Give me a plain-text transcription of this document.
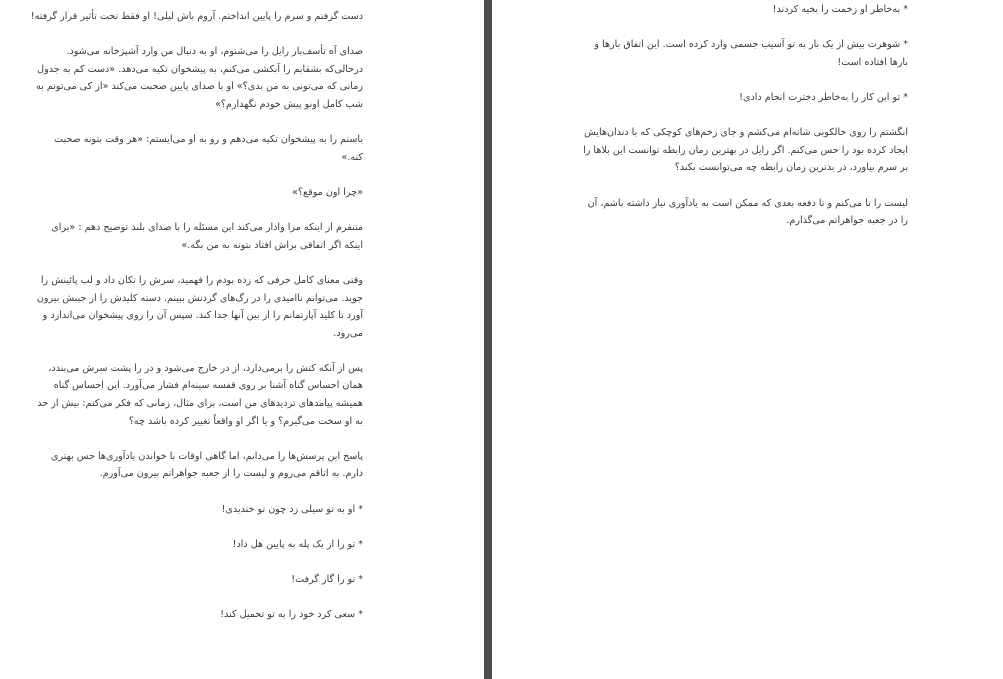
دست گرفتم و سرم را پایین انداختم. آروم باش لیلی! او فقط تحت تأثیر قرار گرفته!

صدای آه تأسف‌بار رایل را می‌شنوم، او به دنبال من وارد آشپزخانه می‌شود.
درحالی‌که بشقابم را آبکشی می‌کنم، به پیشخوان تکیه می‌دهد. «دست کم به جدول
زمانی که می‌تونی به من بدی؟» او با صدای پایین صحبت می‌کند «از کی می‌تونم به
شب کامل اونو پیش خودم نگهدارم؟»

باسنم را به پیشخوان تکیه می‌دهم و رو به او می‌ایستم: «هر وقت بتونه صحبت
کنه.»

«چرا اون موقع؟»

متنفرم از اینکه مرا وادار می‌کند این مسئله را با صدای بلند توضیح دهم : «برای
اینکه اگر اتفاقی براش افتاد بتونه به من بگه.»

وقتی معنای کامل حرفی که زده بودم را فهمید، سرش را تکان داد و لب پائینش را
جوید. می‌توانم ناامیدی را در رگ‌های گردنش ببینم. دسته کلیدش را از جیبش بیرون
آورد تا کلید آپارتمانم را از بین آنها جدا کند. سپس آن را روی پیشخوان می‌اندازد و
می‌رود.

پس از آنکه کتش را برمی‌دارد، از در خارج می‌شود و در را پشت سرش می‌بندد،
همان احساس گناه آشنا بر روی قفسه سینه‌ام فشار می‌آورد. این احساس گناه
همیشه پیامدهای تردیدهای من است، برای مثال، زمانی که فکر می‌کنم: بیش از حد
به او سخت می‌گیرم؟ و یا اگر او واقعاً تغییر کرده باشد چه؟

پاسخ این پرسش‌ها را می‌دانم، اما گاهی اوقات با خواندن یادآوری‌ها حس بهتری
دارم. به اتاقم می‌روم و لیست را از جعبه جواهراتم بیرون می‌آورم.

* او به تو سیلی زد چون تو خندیدی!

* تو را از یک پله به پایین هل داد!

* تو را گاز گرفت!

* سعی کرد خود را به تو تحمیل کند!

* به‌خاطر او زخمت را بخیه کردند!

* شوهرت بیش از یک بار به تو آسیب جسمی وارد کرده است. این اتفاق بارها و
بارها افتاده است!

* تو این کار را به‌خاطر دخترت انجام دادی!

انگشتم را روی خالکوبی شانه‌ام می‌کشم و جای زخم‌های کوچکی که با دندان‌هایش
ایجاد کرده بود را حس می‌کنم. اگر رایل در بهترین زمان رابطه توانست این بلاها را
بر سرم بیاورد، در بدترین زمان رابطه چه می‌توانست بکند؟

لیست را تا می‌کنم و تا دفعه بعدی که ممکن است به یادآوری نیاز داشته باشم، آن
را در جعبه جواهراتم می‌گذارم.
